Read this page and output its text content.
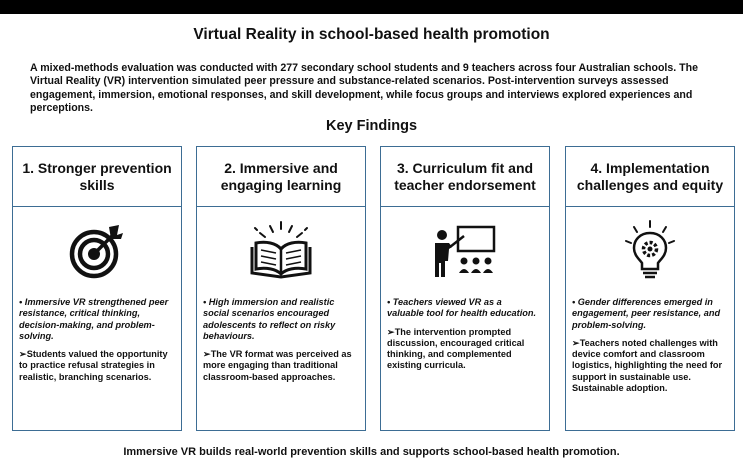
Virtual Reality in school-based health promotion
A mixed-methods evaluation was conducted with 277 secondary school students and 9 teachers across four Australian schools. The Virtual Reality (VR) intervention simulated peer pressure and substance-related scenarios. Post-intervention surveys assessed engagement, immersion, emotional responses, and skill development, while focus groups and interviews explored experiences and perceptions.
Key Findings
1. Stronger prevention skills

• Immersive VR strengthened peer resistance, critical thinking, decision-making, and problem-solving.

➢Students valued the opportunity to practice refusal strategies in realistic, branching scenarios.

2. Immersive and engaging learning

• High immersion and realistic social scenarios encouraged adolescents to reflect on risky behaviours.

➢The VR format was perceived as more engaging than traditional classroom-based approaches.

3. Curriculum fit and teacher endorsement

• Teachers viewed VR as a valuable tool for health education.

➢The intervention prompted discussion, encouraged critical thinking, and complemented existing curricula.

4. Implementation challenges and equity

• Gender differences emerged in engagement, peer resistance, and problem-solving.

➢Teachers noted challenges with device comfort and classroom logistics, highlighting the need for support in sustainable use. Sustainable adoption.

Immersive VR builds real-world prevention skills and supports school-based health promotion.
